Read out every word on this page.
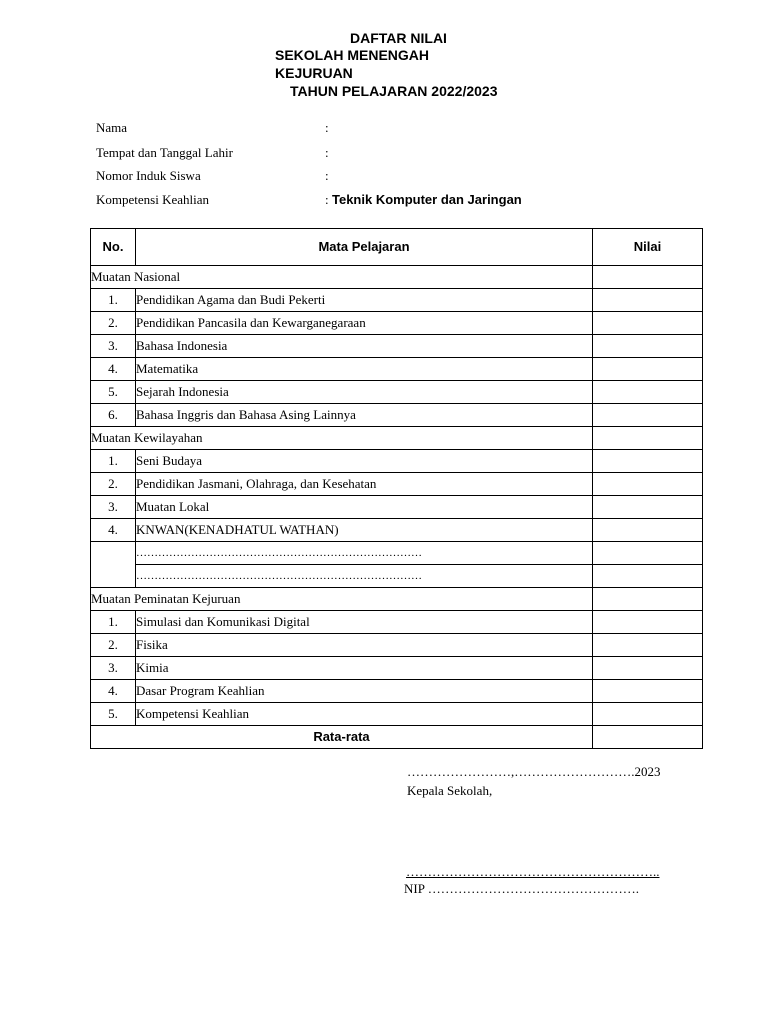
DAFTAR NILAI
SEKOLAH MENENGAH
KEJURUAN
TAHUN PELAJARAN 2022/2023
Nama	:
Tempat dan Tanggal Lahir	:
Nomor Induk Siswa	:
Kompetensi Keahlian	: Teknik Komputer dan Jaringan
No.	Mata Pelajaran	Nilai
Muatan Nasional		
1.	Pendidikan Agama dan Budi Pekerti	
2.	Pendidikan Pancasila dan Kewarganegaraan	
3.	Bahasa Indonesia	
4.	Matematika	
5.	Sejarah Indonesia	
6.	Bahasa Inggris dan Bahasa Asing Lainnya	
Muatan Kewilayahan		
1.	Seni Budaya	
2.	Pendidikan Jasmani, Olahraga, dan Kesehatan	
3.	Muatan Lokal	
4.	KNWAN(KENADHATUL WATHAN)	
	……………………………………………………………………	
	……………………………………………………………………	
Muatan Peminatan Kejuruan		
1.	Simulasi dan Komunikasi Digital	
2.	Fisika	
3.	Kimia	
4.	Dasar Program Keahlian	
5.	Kompetensi Keahlian	
Rata-rata		
……………………,……………………….2023
Kepala Sekolah,
…………………………………………………..
NIP ………………………………………….
